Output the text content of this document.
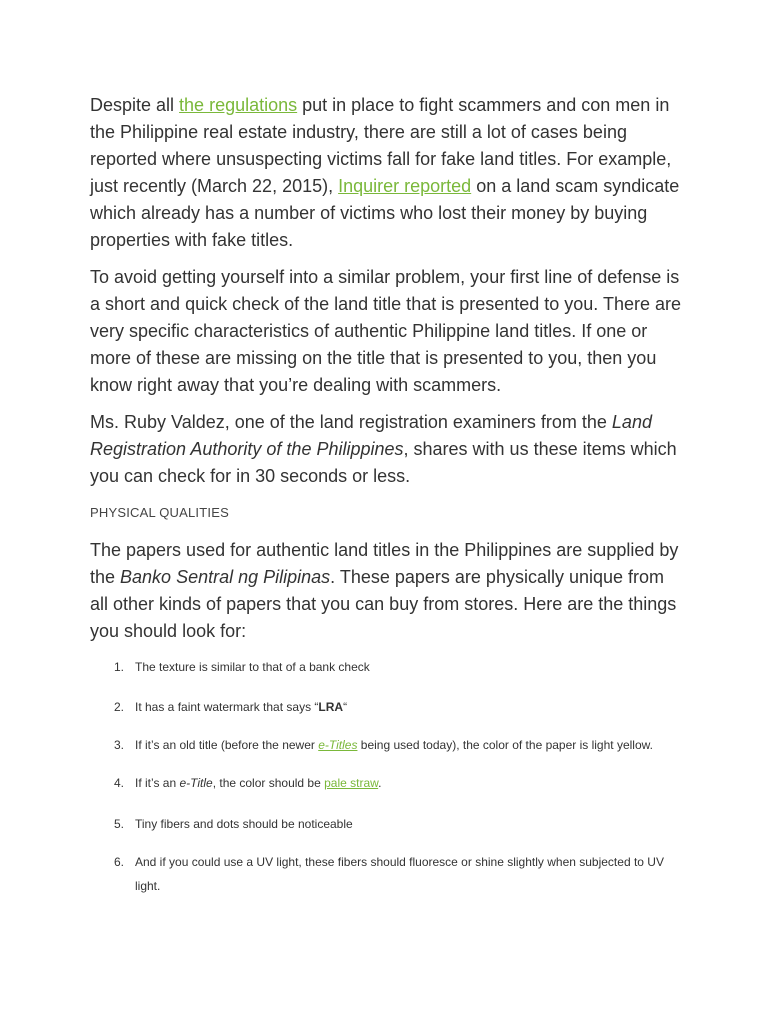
Despite all the regulations put in place to fight scammers and con men in the Philippine real estate industry, there are still a lot of cases being reported where unsuspecting victims fall for fake land titles. For example, just recently (March 22, 2015), Inquirer reported on a land scam syndicate which already has a number of victims who lost their money by buying properties with fake titles.

To avoid getting yourself into a similar problem, your first line of defense is a short and quick check of the land title that is presented to you. There are very specific characteristics of authentic Philippine land titles. If one or more of these are missing on the title that is presented to you, then you know right away that you’re dealing with scammers.

Ms. Ruby Valdez, one of the land registration examiners from the Land Registration Authority of the Philippines, shares with us these items which you can check for in 30 seconds or less.

PHYSICAL QUALITIES

The papers used for authentic land titles in the Philippines are supplied by the Banko Sentral ng Pilipinas. These papers are physically unique from all other kinds of papers that you can buy from stores. Here are the things you should look for:

1 . The texture is similar to that of a bank check
2 . It has a faint watermark that says “LRA“
3 . If it’s an old title (before the newer e-Titles being used today), the color of the paper is light yellow.
4 . If it’s an e-Title, the color should be pale straw.
5 . Tiny fibers and dots should be noticeable
6 . And if you could use a UV light, these fibers should fluoresce or shine slightly when subjected to UV light.
